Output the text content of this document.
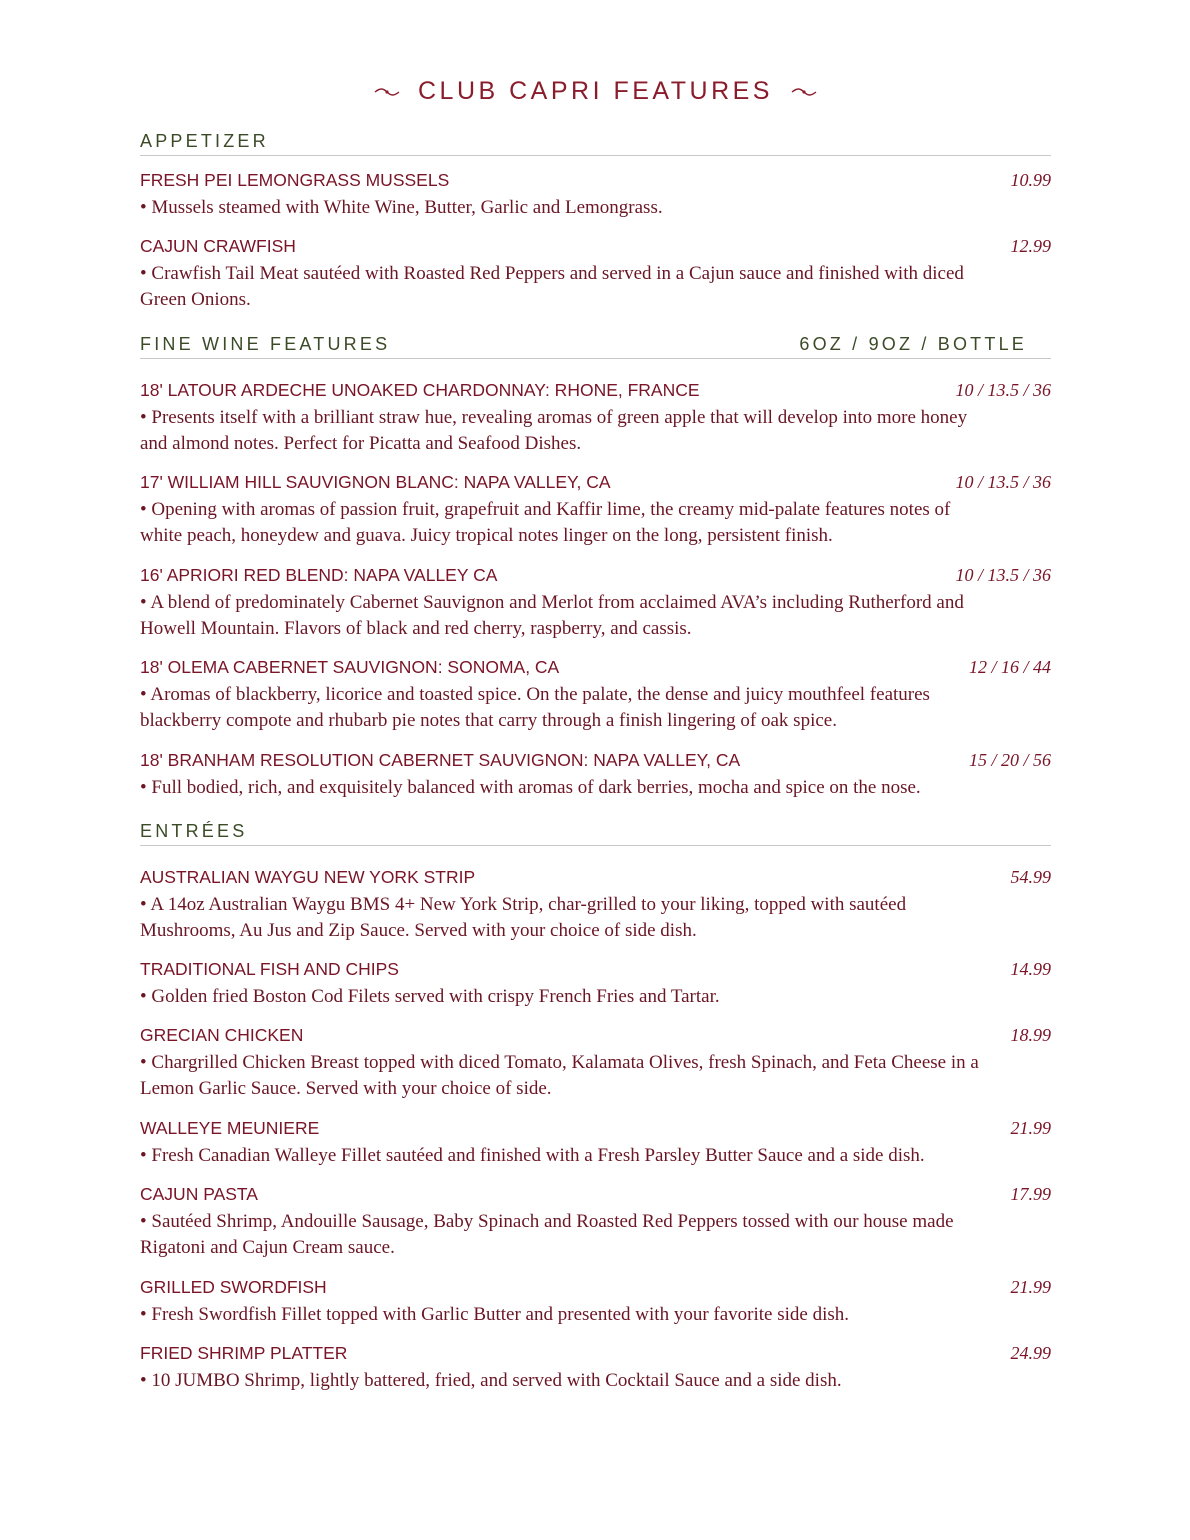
CLUB CAPRI FEATURES
APPETIZER
FRESH PEI LEMONGRASS MUSSELS	10.99
• Mussels steamed with White Wine, Butter, Garlic and Lemongrass.
CAJUN CRAWFISH	12.99
• Crawfish Tail Meat sautéed with Roasted Red Peppers and served in a Cajun sauce and finished with diced Green Onions.
FINE WINE FEATURES	6OZ / 9OZ / BOTTLE
18' LATOUR ARDECHE UNOAKED CHARDONNAY: RHONE, FRANCE	10 / 13.5 / 36
• Presents itself with a brilliant straw hue, revealing aromas of green apple that will develop into more honey and almond notes. Perfect for Picatta and Seafood Dishes.
17' WILLIAM HILL SAUVIGNON BLANC: NAPA VALLEY, CA	10 / 13.5 / 36
• Opening with aromas of passion fruit, grapefruit and Kaffir lime, the creamy mid-palate features notes of white peach, honeydew and guava. Juicy tropical notes linger on the long, persistent finish.
16' APRIORI RED BLEND: NAPA VALLEY CA	10 / 13.5 / 36
• A blend of predominately Cabernet Sauvignon and Merlot from acclaimed AVA’s including Rutherford and Howell Mountain. Flavors of black and red cherry, raspberry, and cassis.
18' OLEMA CABERNET SAUVIGNON: SONOMA, CA	12 / 16 / 44
• Aromas of blackberry, licorice and toasted spice. On the palate, the dense and juicy mouthfeel features blackberry compote and rhubarb pie notes that carry through a finish lingering of oak spice.
18' BRANHAM RESOLUTION CABERNET SAUVIGNON: NAPA VALLEY, CA	15 / 20 / 56
• Full bodied, rich, and exquisitely balanced with aromas of dark berries, mocha and spice on the nose.
ENTRÉES
AUSTRALIAN WAYGU NEW YORK STRIP	54.99
• A 14oz Australian Waygu BMS 4+ New York Strip, char-grilled to your liking, topped with sautéed Mushrooms, Au Jus and Zip Sauce. Served with your choice of side dish.
TRADITIONAL FISH AND CHIPS	14.99
• Golden fried Boston Cod Filets served with crispy French Fries and Tartar.
GRECIAN CHICKEN	18.99
• Chargrilled Chicken Breast topped with diced Tomato, Kalamata Olives, fresh Spinach, and Feta Cheese in a Lemon Garlic Sauce. Served with your choice of side.
WALLEYE MEUNIERE	21.99
• Fresh Canadian Walleye Fillet sautéed and finished with a Fresh Parsley Butter Sauce and a side dish.
CAJUN PASTA	17.99
• Sautéed Shrimp, Andouille Sausage, Baby Spinach and Roasted Red Peppers tossed with our house made Rigatoni and Cajun Cream sauce.
GRILLED SWORDFISH	21.99
• Fresh Swordfish Fillet topped with Garlic Butter and presented with your favorite side dish.
FRIED SHRIMP PLATTER	24.99
• 10 JUMBO Shrimp, lightly battered, fried, and served with Cocktail Sauce and a side dish.
